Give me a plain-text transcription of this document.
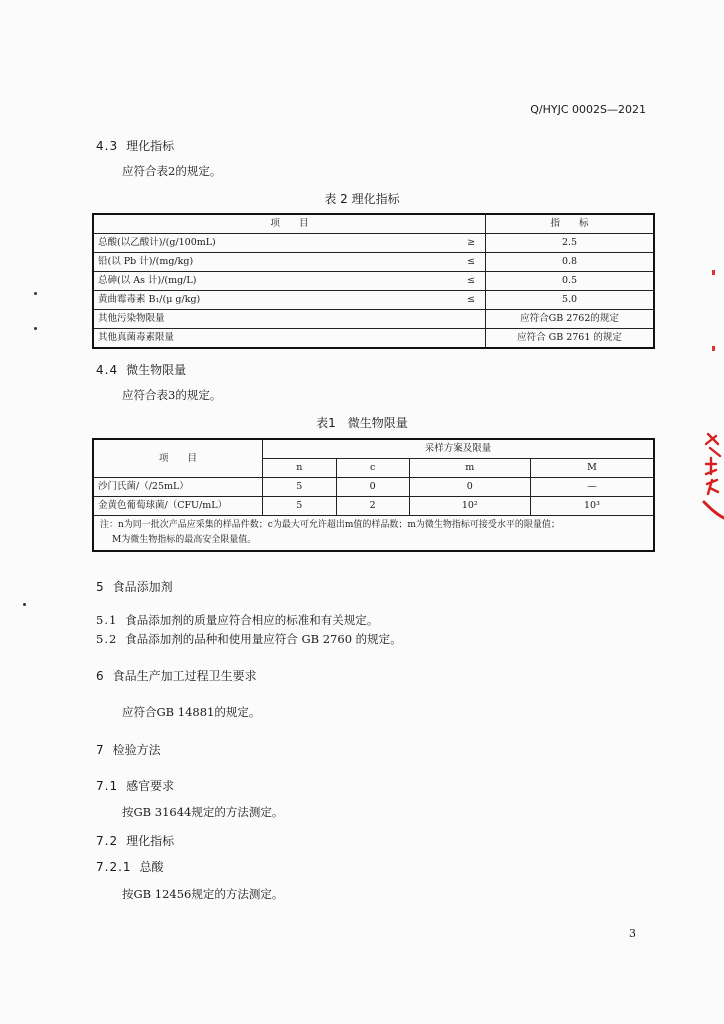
Q/HYJC 0002S—2021
4.3 理化指标
应符合表2的规定。
表 2 理化指标
项　　目		指　　标
总酸(以乙酸计)/(g/100mL)	≥	2.5
铅(以 Pb 计)/(mg/kg)	≤	0.8
总砷(以 As 计)/(mg/L)	≤	0.5
黄曲霉毒素 B₁/(μ g/kg)	≤	5.0
其他污染物限量		应符合GB 2762的规定
其他真菌毒素限量		应符合 GB 2761 的规定
4.4 微生物限量
应符合表3的规定。
表1　微生物限量
项　　目	采样方案及限量			
	n	c	m	M
沙门氏菌/（/25mL）	5	0	0	—
金黄色葡萄球菌/（CFU/mL）	5	2	10²	10³

注：n为同一批次产品应采集的样品件数；c为最大可允许超出m值的样品数；m为微生物指标可接受水平的限量值；
M为微生物指标的最高安全限量值。				
5 食品添加剂
5.1 食品添加剂的质量应符合相应的标准和有关规定。
5.2 食品添加剂的品种和使用量应符合 GB 2760 的规定。
6 食品生产加工过程卫生要求
应符合GB 14881的规定。
7 检验方法
7.1 感官要求
按GB 31644规定的方法测定。
7.2 理化指标
7.2.1 总酸
按GB 12456规定的方法测定。
3
